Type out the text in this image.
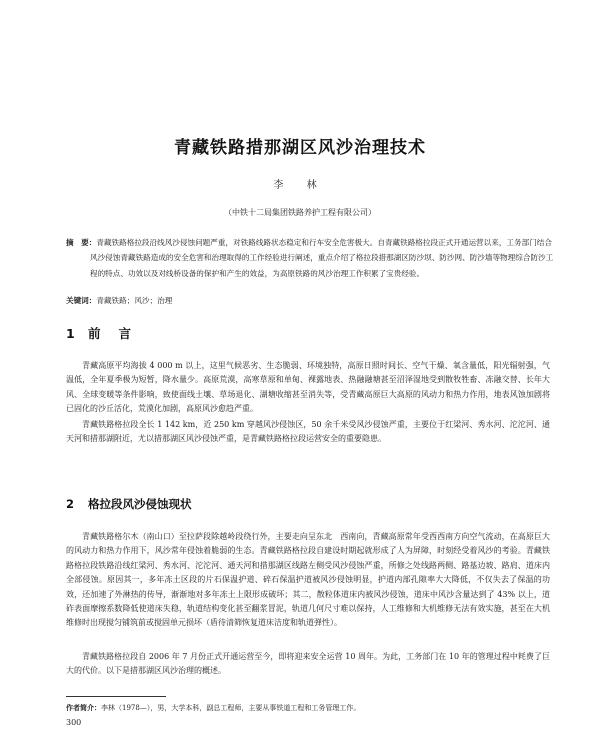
青藏铁路措那湖区风沙治理技术
李 林
（中铁十二局集团铁路养护工程有限公司）
摘　要：青藏铁路格拉段沿线风沙侵蚀问题严重，对铁路线路状态稳定和行车安全危害极大。自青藏铁路格拉段正式开通运营以来，工务部门结合风沙侵蚀青藏铁路造成的安全危害和治理取得的工作经验进行阐述，重点介绍了格拉段措那湖区防沙坝、防沙网、防沙墙等物理综合防沙工程的特点、功效以及对线桥设备的保护和产生的效益，为高原铁路的风沙治理工作积累了宝贵经验。
关键词：青藏铁路；风沙；治理
1 前言

青藏高原平均海拔 4 000 m 以上，这里气候恶劣、生态脆弱、环境独特，高原日照时间长、空气干燥、氧含量低，阳光辐射强，气温低，全年夏季极为短暂，降水量少。高原荒漠，高寒草原和单甸、裸露地表、热融融塘甚至沼泽湿地受到散牧牲畜、冻融交替、长年大风、全球变暖等条件影响，致使面线土壤、草场退化、湖塘收缩甚至消失等，受青藏高原巨大高原的风动力和热力作用，地表风蚀加剧将已固化的沙丘活化，荒漠化加剧，高原风沙愈趋严重。

青藏铁路格拉段全长 1 142 km，近 250 km 穿越风沙侵蚀区，50 余千米受风沙侵蚀严重，主要位于红梁河、秀水河、沱沱河、通天河和措那湖附近，尤以措那湖区风沙侵蚀严重，是青藏铁路格拉段运营安全的重要隐患。

2 格拉段风沙侵蚀现状

青藏铁路格尔木（南山口）至拉萨段除越岭段绕行外，主要走向呈东北　西南向，青藏高原常年受西西南方向空气流动，在高原巨大的风动力和热力作用下，风沙常年侵蚀着脆弱的生态。青藏铁路格拉段自建设时期起就形成了人为屏障，时刻经受着风沙的考验。青藏铁路格拉段铁路沿线红梁河、秀水河、沱沱河、通天河和措那湖区线路左侧受风沙侵蚀严重，所修之处线路两侧、路基边坡、路肩、道床内全部侵蚀。原因其一，多年冻土区段的片石保温护道、碎石保温护道被风沙侵蚀明显，护道内部孔隙率大大降低，不仅失去了保温的功效，还加速了外淋热的传导，渐渐地对多年冻土上限形成破坏；其二，散粒体道床内被风沙侵蚀，道床中风沙含量达到了 43% 以上，道砟表面摩擦系数降低使道床失稳，轨道结构变化甚至翻浆冒泥，轨道几何尺寸难以保持，人工维修和大机维修无法有效实施，甚至在大机维修时出现搅匀铺筑前或搅固单元损坏（盾待清筛恢复道床洁度和轨道弹性）。

青藏铁路格拉段自 2006 年 7 月份正式开通运营至今，即将迎来安全运营 10 周年。为此，工务部门在 10 年的管理过程中耗费了巨大的代价。以下是措那湖区风沙治理的概述。

作者简介：李林（1978—），男，大学本科，副总工程师，主要从事铁道工程和工务管理工作。
300
